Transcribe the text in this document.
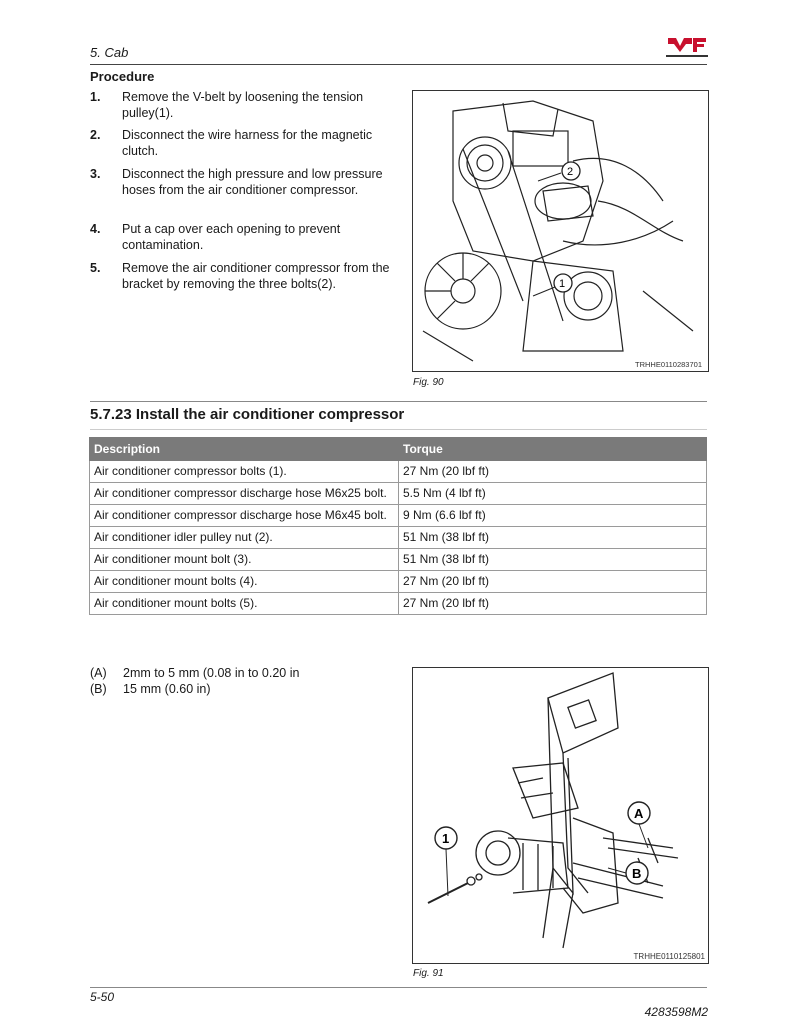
5. Cab
Procedure
1. Remove the V-belt by loosening the tension pulley(1).
2. Disconnect the wire harness for the magnetic clutch.
3. Disconnect the high pressure and low pressure hoses from the air conditioner compressor.
4. Put a cap over each opening to prevent contamination.
5. Remove the air conditioner compressor from the bracket by removing the three bolts(2).
2
1
TRHHE0110283701
Fig. 90
5.7.23 Install the air conditioner compressor
Description	Torque
Air conditioner compressor bolts (1).	27 Nm (20 lbf ft)
Air conditioner compressor discharge hose M6x25 bolt.	5.5 Nm (4 lbf ft)
Air conditioner compressor discharge hose M6x45 bolt.	9 Nm (6.6 lbf ft)
Air conditioner idler pulley nut (2).	51 Nm (38 lbf ft)
Air conditioner mount bolt (3).	51 Nm (38 lbf ft)
Air conditioner mount bolts (4).	27 Nm (20 lbf ft)
Air conditioner mount bolts (5).	27 Nm (20 lbf ft)
(A) 2mm to 5 mm (0.08 in to 0.20 in
(B) 15 mm (0.60 in)
1
A
B
TRHHE0110125801
Fig. 91
5-50
4283598M2
